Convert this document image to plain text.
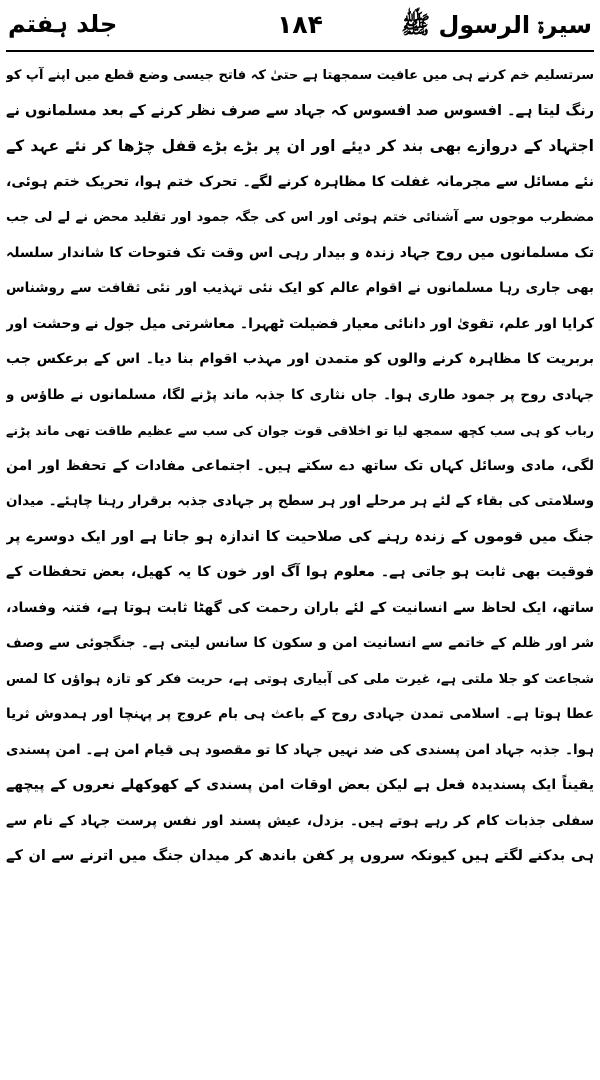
سیرۃ الرسول ﷺ
۱۸۴
جلد ہفتم
سرتسلیم خم کرنے ہی میں عافیت سمجھتا ہے حتیٰ کہ فاتح جیسی وضع قطع میں اپنے آپ کو
رنگ لیتا ہے۔ افسوس صد افسوس کہ جہاد سے صرف نظر کرنے کے بعد مسلمانوں نے
اجتہاد کے دروازے بھی بند کر دیئے اور ان پر بڑے بڑے قفل چڑھا کر نئے عہد کے
نئے مسائل سے مجرمانہ غفلت کا مظاہرہ کرنے لگے۔ تحرک ختم ہوا، تحریک ختم ہوئی،
مضطرب موجوں سے آشنائی ختم ہوئی اور اس کی جگہ جمود اور تقلید محض نے لے لی جب
تک مسلمانوں میں روح جہاد زندہ و بیدار رہی اس وقت تک فتوحات کا شاندار سلسلہ
بھی جاری رہا مسلمانوں نے اقوام عالم کو ایک نئی تہذیب اور نئی ثقافت سے روشناس
کرایا اور علم، تقویٰ اور دانائی معیار فضیلت ٹھہرا۔ معاشرتی میل جول نے وحشت اور
بربریت کا مظاہرہ کرنے والوں کو متمدن اور مہذب اقوام بنا دیا۔ اس کے برعکس جب
جہادی روح پر جمود طاری ہوا۔ جاں نثاری کا جذبہ ماند پڑنے لگا، مسلمانوں نے طاؤس و
رباب کو ہی سب کچھ سمجھ لیا تو اخلاقی قوت جوان کی سب سے عظیم طاقت تھی ماند پڑنے
لگی، مادی وسائل کہاں تک ساتھ دے سکتے ہیں۔ اجتماعی مفادات کے تحفظ اور امن
وسلامتی کی بقاء کے لئے ہر مرحلے اور ہر سطح پر جہادی جذبہ برقرار رہنا چاہئے۔ میدان
جنگ میں قوموں کے زندہ رہنے کی صلاحیت کا اندازہ ہو جاتا ہے اور ایک دوسرے پر
فوقیت بھی ثابت ہو جاتی ہے۔ معلوم ہوا آگ اور خون کا یہ کھیل، بعض تحفظات کے
ساتھ، ایک لحاظ سے انسانیت کے لئے باران رحمت کی گھٹا ثابت ہوتا ہے، فتنہ وفساد،
شر اور ظلم کے خاتمے سے انسانیت امن و سکون کا سانس لیتی ہے۔ جنگجوئی سے وصف
شجاعت کو جلا ملتی ہے، غیرت ملی کی آبیاری ہوتی ہے، حریت فکر کو تازہ ہواؤں کا لمس
عطا ہوتا ہے۔ اسلامی تمدن جہادی روح کے باعث ہی بام عروج پر پہنچا اور ہمدوش ثریا
ہوا۔ جذبہ جہاد امن پسندی کی ضد نہیں جہاد کا تو مقصود ہی قیام امن ہے۔ امن پسندی
یقیناً ایک پسندیدہ فعل ہے لیکن بعض اوقات امن پسندی کے کھوکھلے نعروں کے پیچھے
سفلی جذبات کام کر رہے ہوتے ہیں۔ بزدل، عیش پسند اور نفس پرست جہاد کے نام سے
ہی بدکنے لگتے ہیں کیونکہ سروں پر کفن باندھ کر میدان جنگ میں اترنے سے ان کے
